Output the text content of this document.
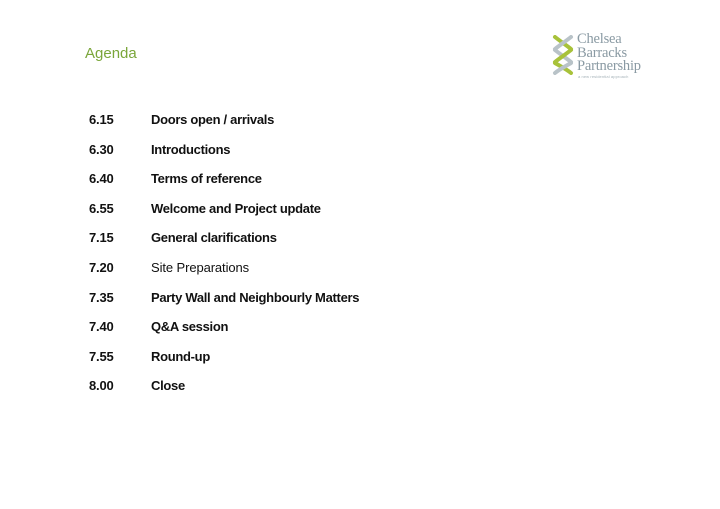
Agenda
Chelsea
Barracks
Partnership
a new residential approach
6.15	Doors open / arrivals
6.30	Introductions
6.40	Terms of reference
6.55	Welcome and Project update
7.15	General clarifications
7.20	Site Preparations
7.35	Party Wall and Neighbourly Matters
7.40	Q&A session
7.55	Round-up
8.00	Close
